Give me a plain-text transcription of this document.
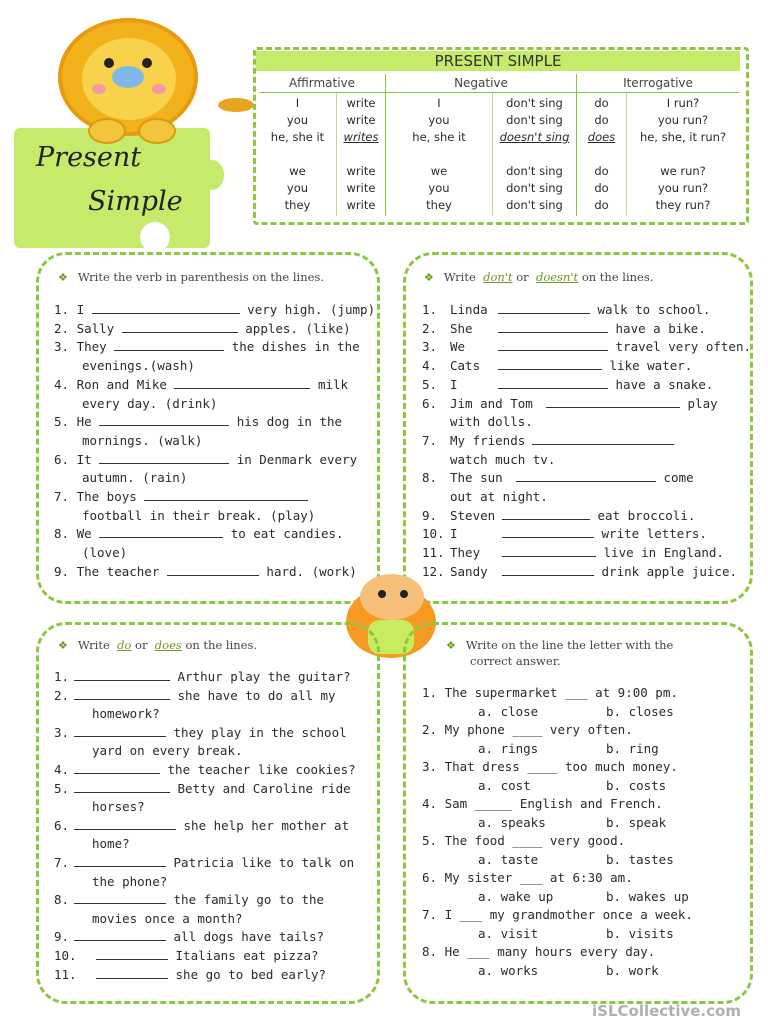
Present
Simple
PRESENT SIMPLE
Affirmative	Negative	Iterrogative
I	write	I	don't sing	do	I run?
you	write	you	don't sing	do	you run?
he, she it	writes	he, she it	doesn't sing	does	he, she, it run?
we	write	we	don't sing	do	we run?
you	write	you	don't sing	do	you run?
they	write	they	don't sing	do	they run?
❖ Write the verb in parenthesis on the lines.
1. I	very high. (jump)
2. Sally	apples. (like)
3. They	the dishes in the
evenings.(wash)
4. Ron and Mike	milk
every day. (drink)
5. He	his dog in the
mornings. (walk)
6. It	in Denmark every
autumn. (rain)
7. The boys
football in their break. (play)
8. We	to eat candies.
(love)
9. The teacher	hard. (work)
❖ Write don't or doesn't on the lines.
1. Linda	walk to school.
2. She	have a bike.
3. We	travel very often.
4. Cats	like water.
5. I	have a snake.
6. Jim and Tom	play
with dolls.
7. My friends
watch much tv.
8. The sun	come
out at night.
9. Steven	eat broccoli.
10. I	write letters.
11. They	live in England.
12. Sandy	drink apple juice.
❖ Write do or does on the lines.
1.	Arthur play the guitar?
2.	she have to do all my
homework?
3.	they play in the school
yard on every break.
4.	the teacher like cookies?
5.	Betty and Caroline ride
horses?
6.	she help her mother at
home?
7.	Patricia like to talk on
the phone?
8.	the family go to the
movies once a month?
9.	all dogs have tails?
10.	Italians eat pizza?
11.	she go to bed early?
❖ Write on the line the letter with the
correct answer.
1. The supermarket ___ at 9:00 pm.
a. close	b. closes
2. My phone ____ very often.
a. rings	b. ring
3. That dress ____ too much money.
a. cost	b. costs
4. Sam _____ English and French.
a. speaks	b. speak
5. The food ____ very good.
a. taste	b. tastes
6. My sister ___ at 6:30 am.
a. wake up	b. wakes up
7. I ___ my grandmother once a week.
a. visit	b. visits
8. He ___ many hours every day.
a. works	b. work
iSLCollective.com
